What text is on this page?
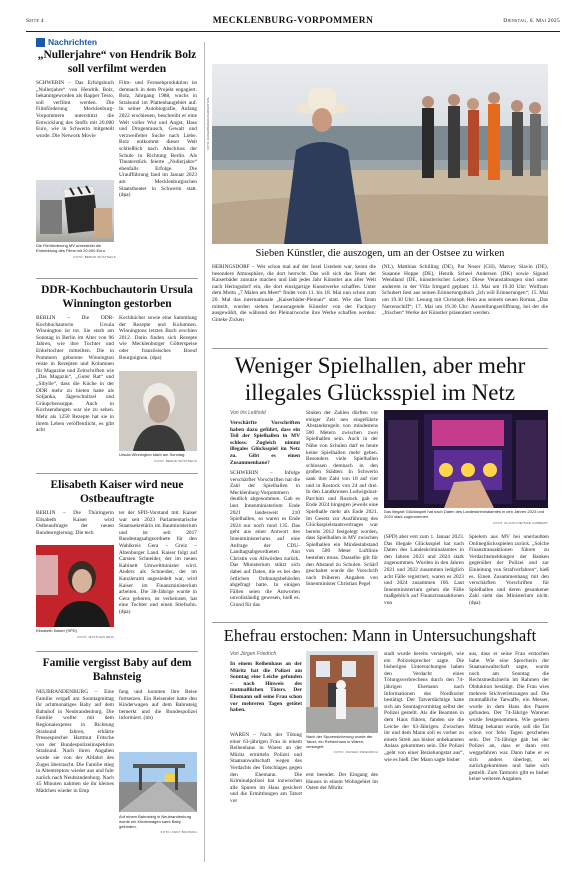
Seite 4	MECKLENBURG-VORPOMMERN	Dienstag, 6. Mai 2025
Nachrichten
„Nullerjahre“ von Hendrik Bolz soll verfilmt werden
SCHWERIN – Das Erfolgsbuch „Nullerjahre“ von Hendrik Bolz, bekanntgeworden als Rapper Testo, soll verfilmt werden. Die Filmförderung Mecklenburg-Vorpommern unterstützt die Entwicklung des Stoffs mit 20.000 Euro, wie in Schwerin mitgeteilt wurde. Die Network Movie
Film- und Fernsehproduktion ist demnach in dem Projekt engagiert. Bolz, Jahrgang 1988, wuchs in Stralsund im Plattenbaugebiet auf. In seiner Autobiografie, Anfang 2022 erschienen, beschreibt er eine Welt voller Wut und Angst, Hass und Drogenrausch, Gewalt und verzweifelter Suche nach Liebe. Bolz entkommt dieser Welt schließlich nach Abschluss der Schule in Richtung Berlin. Als Theaterstück feierte „Nullerjahre“ ebenfalls Erfolge. Die Uraufführung fand im Januar 2023 am Mecklenburgischen Staatstheater in Schwerin statt. (dpa)
Die Filmförderung MV unterstützt die Entwicklung des Films mit 20.000 Euro.
FOTO: BERND WÜSTNECK
DDR-Kochbuchautorin Ursula Winnington gestorben
BERLIN – Die DDR-Kochbuchautorin Ursula Winnington ist tot. Sie starb am Sonntag in Berlin im Alter von 96 Jahren, wie ihre Tochter und Enkeltochter mitteilten. Die in Pommern geborene Winnington reiste in Rezepten und Kolumnen für Magazine und Zeitschriften wie „Das Magazin“, „Guter Rat“ und „Sibylle“, dass die Küche in der DDR mehr zu bieten hatte als Soljanka, Jägerschnitzel und Gräupchensuppe. Auch in Kochsendungen war sie zu sehen. Mehr als 1250 Rezepte hat sie in ihrem Leben veröffentlicht, es gibt acht
Kochbücher sowie eine Sammlung der Rezepte und Kolumnen. Winningtons letztes Buch erschien 2012. Darin finden sich Rezepte wie Mecklenburger Götterspeise oder französisches Boeuf Bourguignon. (dpa)
Ursula Winnington starb am Sonntag.
FOTO: BERND WÜSTNECK
Elisabeth Kaiser wird neue Ostbeauftragte
BERLIN – Die Thüringerin Elisabeth Kaiser wird Ostbeauftragte der neuen Bundesregierung. Die tech
ter der SPD-Vorstand mit. Kaiser war seit 2023 Parlamentarische Staatssekretärin im Bauministerium und ist seit 2017 Bundestagsabgeordnete für den Wahlkreis Gera – Greiz – Altenburger Land. Kaiser folgt auf Carsten Schneider, der im neuen Kabinett Umweltminister wird. Anders als Schneider, der im Kanzleramt angesiedelt war, wird Kaiser im Finanzministerium arbeiten. Die 38-Jährige wurde in Gera geboren, ist verheiratet, hat eine Tochter und einen Stiefsohn. (dpa)
Elisabeth Kaiser (SPD)
FOTO: MATTHIAS BEIN
Familie vergisst Baby auf dem Bahnsteig
NEUBRANDENBURG – Eine Familie vergaß am Sonntagmittag ihr achtmonatiges Baby auf dem Bahnhof in Neubrandenburg. Die Familie wollte mit dem Regionalexpress in Richtung Stralsund fahren, erklärte Pressesprecher Hartmut Fritsche von der Bundespolizeiinspektion Stralsund. Nach ihren Angaben wurde sie von der Abfahrt des Zuges überrascht. Die Familie stieg in Altentreptow wieder aus und fuhr zurück nach Neubrandenburg. Nach 45 Minuten nahmen sie ihr kleines Mädchen wieder in Emp
fang und konnten ihre Reise fortsetzen. Ein Reisender hatte den Kinderwagen auf dem Bahnsteig bemerkt und die Bundespolizei informiert. (im)
Auf einem Bahnsteig in Neubrandenburg wurde ein Kinderwagen samt Baby gefunden.
FOTO: ANDY BÜNNING
FOTO: KAISERBÄDER-FILMFESTIVAL
Sieben Künstler, die auszogen, um an der Ostsee zu wirken
HERINGSDORF – Wer schon mal auf der Insel Usedom war, kennt die besondere Atmosphäre, die dort herrscht. Das will sich das Team der Kaiserbäder zunutze machen und lädt jedes Jahr Künstler aus aller Welt nach Heringsdorf ein, die dort einzigartige Kunstwerke schaffen. Unter dem Motto „7 Malen am Meer“ findet vom 11. bis 18. Mai nun schon zum 20. Mal das internationale „Kaiserbäder-Pleinair“ statt. Wie das Team mitteilt, wurden sieben herausragende Künstler von der Fachjury ausgewählt, die während der Pleinairwoche ihre Werke schaffen werden: Gineke Zicken
(NL), Matthias Schilling (DE), Pat Noser (CH), Matvey Slavin (DE), Susanne Hoppe (DE), Henrik Scheel Andersen (DK) sowie Sigund Wendland (DE, künstlerischer Leiter). Diese Veranstaltungen sind unter anderem in der Villa Irmgard geplant: 13. Mai um 19.30 Uhr: Wolfram Schubert liest aus seinen Erinnerungsbuch „Ich will Erinnerungen“; 15. Mai um 19.30 Uhr: Lesung mit Christoph Hein aus seinem neuen Roman „Das Narrenschiff“; 17. Mai um 19.30 Uhr: Ausstellungseröffnung, bei der die „frischen“ Werke der Künstler präsentiert werden.
Weniger Spielhallen, aber mehr illegales Glücksspiel im Netz
Von Iris Leithold
Verschärfte Vorschriften haben dazu geführt, dass ein Teil der Spielhallen in MV schloss. Zugleich nimmt illegales Glücksspiel im Netz zu. Gibt es einen Zusammenhang?
SCHWERIN – Infolge verschärfter Vorschriften hat die Zahl der Spielhallen in Mecklenburg-Vorpommern deutlich abgenommen. Gab es laut Innenministerium Ende 2021 landesweit 210 Spielhallen, so waren es Ende 2024 nur noch rund 135. Das geht aus einer Antwort des Innenministeriums auf eine Anfrage der CDU-Landtagsabgeordneten Ann Christin von Allwörden zurück. Das Ministerium stützt sich dabei auf Daten, die es bei den örtlichen Ordnungsbehörden abgefragt hatte. In einigen Fällen seien die Antworten unvollständig gewesen, hieß es. Grund für das
Sinken der Zahlen dürften vor einiger Zeit neu eingeführte Abstandsregeln von mindestens 500 Metern zwischen zwei Spielhallen sein. Auch in der Nähe von Schulen darf es heute keine Spielhallen mehr geben. Besonders viele Spielhallen schlossen demnach in den großen Städten: In Schwerin sank ihre Zahl von 18 auf vier und in Rostock von 24 auf drei. In den Landkreisen Ludwigslust-Parchim und Rostock gab es Ende 2024 hingegen jeweils eine Spielhalle mehr als Ende 2021. Im Gesetz zur Ausführung des Glücksspielstaatsvertrages war bereits 2012 festgelegt worden, dass Spielhallen in MV zwischen Spielhallen ein Mindestabstand von 500 Meter Luftlinie bestehen muss. Dasselbe gilt für den Abstand zu Schulen. Schärf geschaltet wurde die Vorschrift nach früheren Angaben von Innenminister Christian Pegel
Das illegale Glücksspiel hat nach Daten des Landeskriminalamtes in den Jahren 2023 und 2024 stark zugenommen.
FOTO: KLAUS-DIETMAR GABBERT
(SPD) aber erst zum 1. Januar 2023. Das illegale Glücksspiel hat nach Daten des Landeskriminalamtes in den Jahren 2023 und 2024 stark zugenommen. Wurden in den Jahren 2021 und 2022 zusammen lediglich acht Fälle registriert, waren es 2023 und 2024 zusammen 166. Laut Innenministerium gehen die Fälle maßgeblich auf Finanztransaktionen von
Spielern aus MV bei unerlaubten Onlineglücksspielen zurück. „Solche Finanztransaktionen führen zu Verdachtsmeldungen der Banken gegenüber der Polizei und zur Einleitung von Strafverfahren“, hieß es. Einen Zusammenhang mit den verschärften Vorschriften für Spielhallen und deren gesunkener Zahl sieht das Ministerium nicht. (dpa)
Ehefrau erstochen: Mann in Untersuchungshaft
Von Jürgen Friedrich
In einem Reihenhaus an der Müritz hat die Polizei am Sonntag eine Leiche gefunden – nach Hinweis des mutmaßlichen Täters. Der Ehemann soll seine Frau schon vor mehreren Tagen getötet haben.
WAREN – Nach der Tötung einer 63-jährigen Frau in einem Reihenhaus in Waren an der Müritz ermitteln Polizei und Staatsanwaltschaft wegen des Verdachts des Totschlages gegen den Ehemann. Die Kriminalpolizei hat inzwischen alle Spuren im Haus gesichert und die Ermittlungen am Tatort vor
Nach der Spurensicherung wurde der Tatort, ein Reihenhaus in Waren, versiegelt.
FOTO: JÜRGEN FRIEDRICH
erst beendet. Der Eingang des Hauses in einem Wohngebiet im Osten der Müritz
stadt wurde bereits versiegelt, wie ein Polizeisprecher sagte. Die bisherigen Untersuchungen haben den Verdacht eines Tötungsverbrechens durch den 74-jährigen Ehemann nach Informationen des Nordkurier bestätigt. Der Tatverdächtige hatte sich am Sonntagvormittag selbst der Polizei gestellt. Als die Beamten in dem Haus führen, fanden sie die Leiche der 63-Jährigen. Zwischen ihr und dem Mann soll es vorher zu einem Streit aus bisher unbekannten Anlass gekommen sein. Die Polizei „geht von einer Beziehungstat aus“, wie es hieß. Der Mann sagte bisher
aus, dass er seine Frau erstochen habe. Wie eine Sprecherin der Staatsanwaltschaft sagte, wurde noch am Sonntag die Rechtsmedizinerin im Rahmen der Obduktion bestätigt. Die Frau wies mehrere Stichverletzungen auf. Die mutmaßliche Tatwaffe, ein Messer, wurde in dem Haus des Paares gefunden. Der 74-Jährige Warener wurde festgenommen. Wie gestern Mittag bekannt wurde, soll die Tat schon vor fehn Tagen geschehen sein. Der 74-Jährige gab bei der Polizei an, dass er dann erst weggefahren war. Dann habe er es sich anders überlegt, sei zurückgekommen und habe sich gestellt. Zum Tatmotiv gibt es bisher keine weiteren Angaben.
